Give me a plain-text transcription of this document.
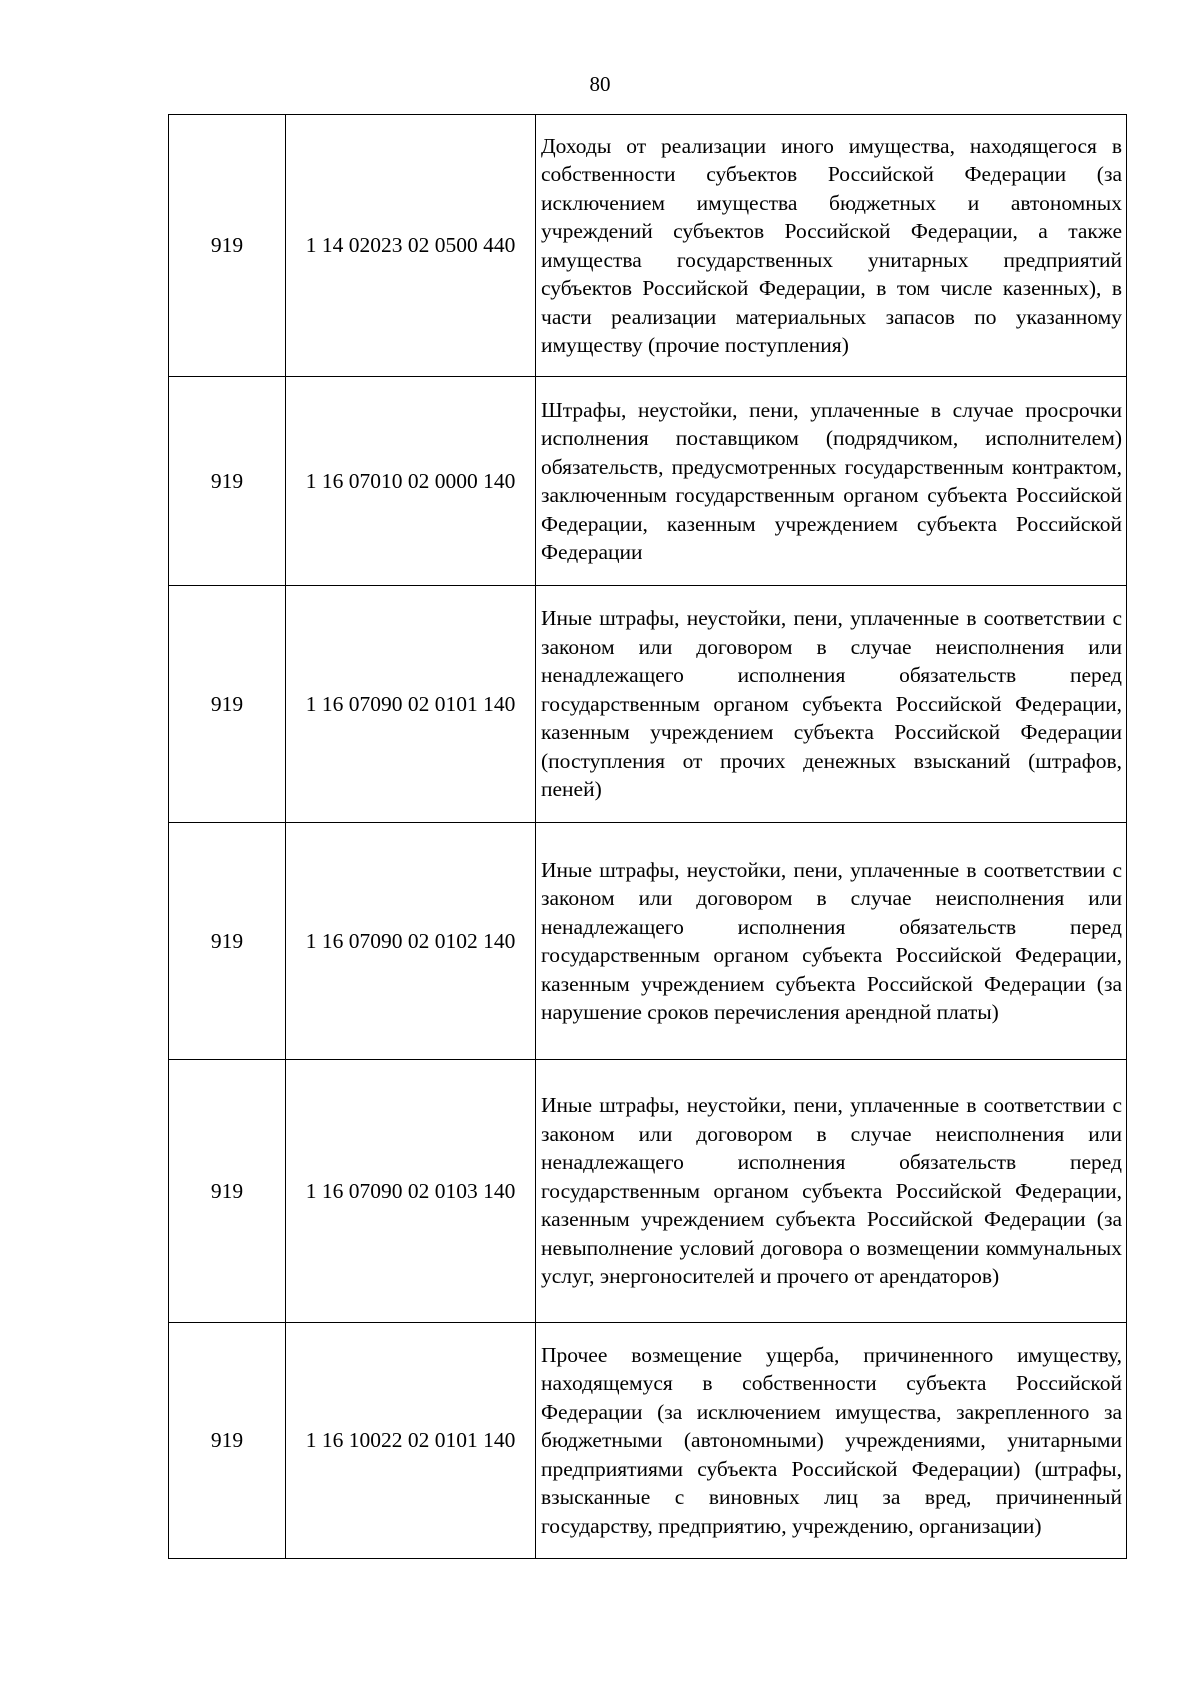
80
919	1 14 02023 02 0500 440	Доходы от реализации иного имущества, находящегося в собственности субъектов Российской Федерации (за исключением имущества бюджетных и автономных учреждений субъектов Российской Федерации, а также имущества государственных унитарных предприятий субъектов Российской Федерации, в том числе казенных), в части реализации материальных запасов по указанному имуществу (прочие поступления)

919	1 16 07010 02 0000 140	Штрафы, неустойки, пени, уплаченные в случае просрочки исполнения поставщиком (подрядчиком, исполнителем) обязательств, предусмотренных государственным контрактом, заключенным государственным органом субъекта Российской Федерации, казенным учреждением субъекта Российской Федерации

919	1 16 07090 02 0101 140	Иные штрафы, неустойки, пени, уплаченные в соответствии с законом или договором в случае неисполнения или ненадлежащего исполнения обязательств перед государственным органом субъекта Российской Федерации, казенным учреждением субъекта Российской Федерации (поступления от прочих денежных взысканий (штрафов, пеней)

919	1 16 07090 02 0102 140	Иные штрафы, неустойки, пени, уплаченные в соответствии с законом или договором в случае неисполнения или ненадлежащего исполнения обязательств перед государственным органом субъекта Российской Федерации, казенным учреждением субъекта Российской Федерации (за нарушение сроков перечисления арендной платы)

919	1 16 07090 02 0103 140	Иные штрафы, неустойки, пени, уплаченные в соответствии с законом или договором в случае неисполнения или ненадлежащего исполнения обязательств перед государственным органом субъекта Российской Федерации, казенным учреждением субъекта Российской Федерации (за невыполнение условий договора о возмещении коммунальных услуг, энергоносителей и прочего от арендаторов)

919	1 16 10022 02 0101 140	Прочее возмещение ущерба, причиненного имуществу, находящемуся в собственности субъекта Российской Федерации (за исключением имущества, закрепленного за бюджетными (автономными) учреждениями, унитарными предприятиями субъекта Российской Федерации) (штрафы, взысканные с виновных лиц за вред, причиненный государству, предприятию, учреждению, организации)
